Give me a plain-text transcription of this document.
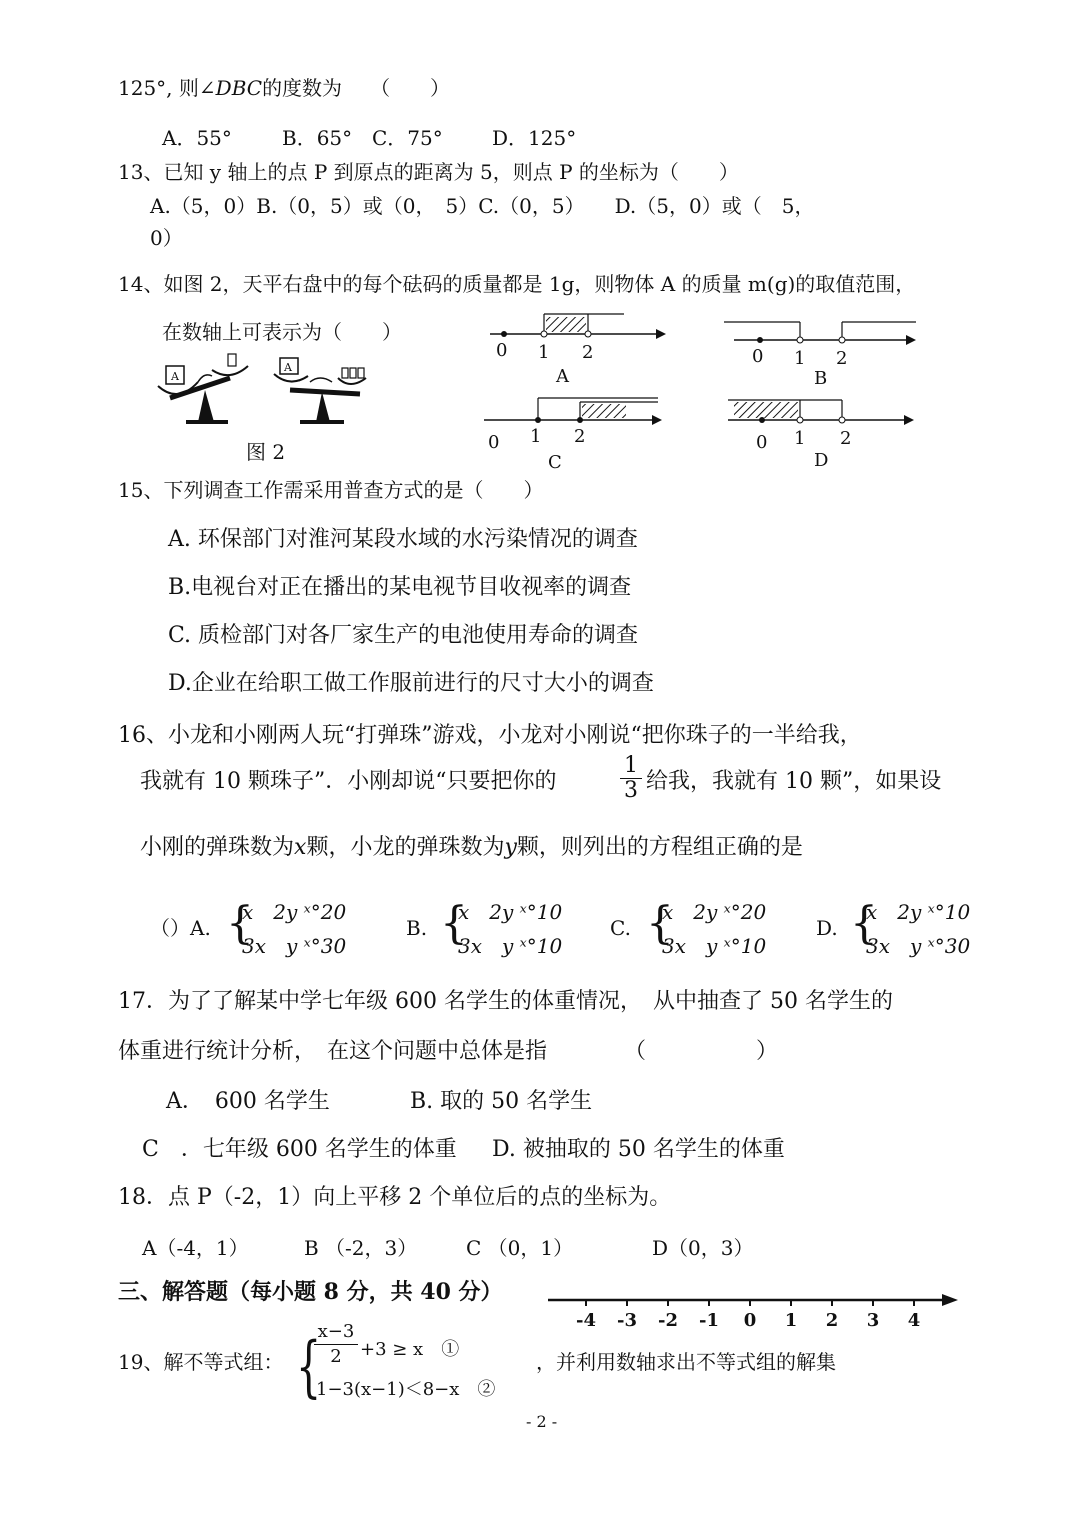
125°, 则∠DBC的度数为 （　　）
A．55°	B．65° C．75° D．125°
13、已知 y 轴上的点 P 到原点的距离为 5，则点 P 的坐标为（　　）
A.（5，0）B.（0，5）或（0，　5）C.（0，5）　　D.（5，0）或（　5，
0）
14、如图 2，天平右盘中的每个砝码的质量都是 1g，则物体 A 的质量 m(g)的取值范围，
在数轴上可表示为（　　）
A
A
图 2
0 1 2
A
0 1 2
B
0 1 2
C
0 1 2
D
15、下列调查工作需采用普查方式的是（　　）
A. 环保部门对淮河某段水域的水污染情况的调查
B.电视台对正在播出的某电视节目收视率的调查
C. 质检部门对各厂家生产的电池使用寿命的调查
D.企业在给职工做工作服前进行的尺寸大小的调查
16、小龙和小刚两人玩“打弹珠”游戏，小龙对小刚说“把你珠子的一半给我，
我就有 10 颗珠子”．小刚却说“只要把你的	$\frac{1}{3}$ 给我，我就有 10 颗”，如果设
小刚的弹珠数为x颗，小龙的弹珠数为y颗，则列出的方程组正确的是
（） A. {
x　2y ˣ°20
3x　y ˣ°30
B. {
x　2y ˣ°10
3x　y ˣ°10
C. {
x　2y ˣ°20
3x　y ˣ°10
D. {
x　2y ˣ°10
3x　y ˣ°30
17．为了了解某中学七年级 600 名学生的体重情况，　从中抽查了 50 名学生的
体重进行统计分析，　在这个问题中总体是指　　　　（　　　　　）
A．　600 名学生	B. 取的 50 名学生
C　．七年级 600 名学生的体重 D. 被抽取的 50 名学生的体重
18．点 P（-2，1）向上平移 2 个单位后的点的坐标为。
A（-4，1）	B （-2，3） C （0，1）	D（0，3）
三、解答题（每小题 8 分，共 40 分）
-4 -3 -2 -1 0 1 2 3 4
19、解不等式组： {
$\frac{x-3}{2} +3 \ge x$　①
1−3(x−1)＜8−x　②
，并利用数轴求出不等式组的解集
- 2 -
